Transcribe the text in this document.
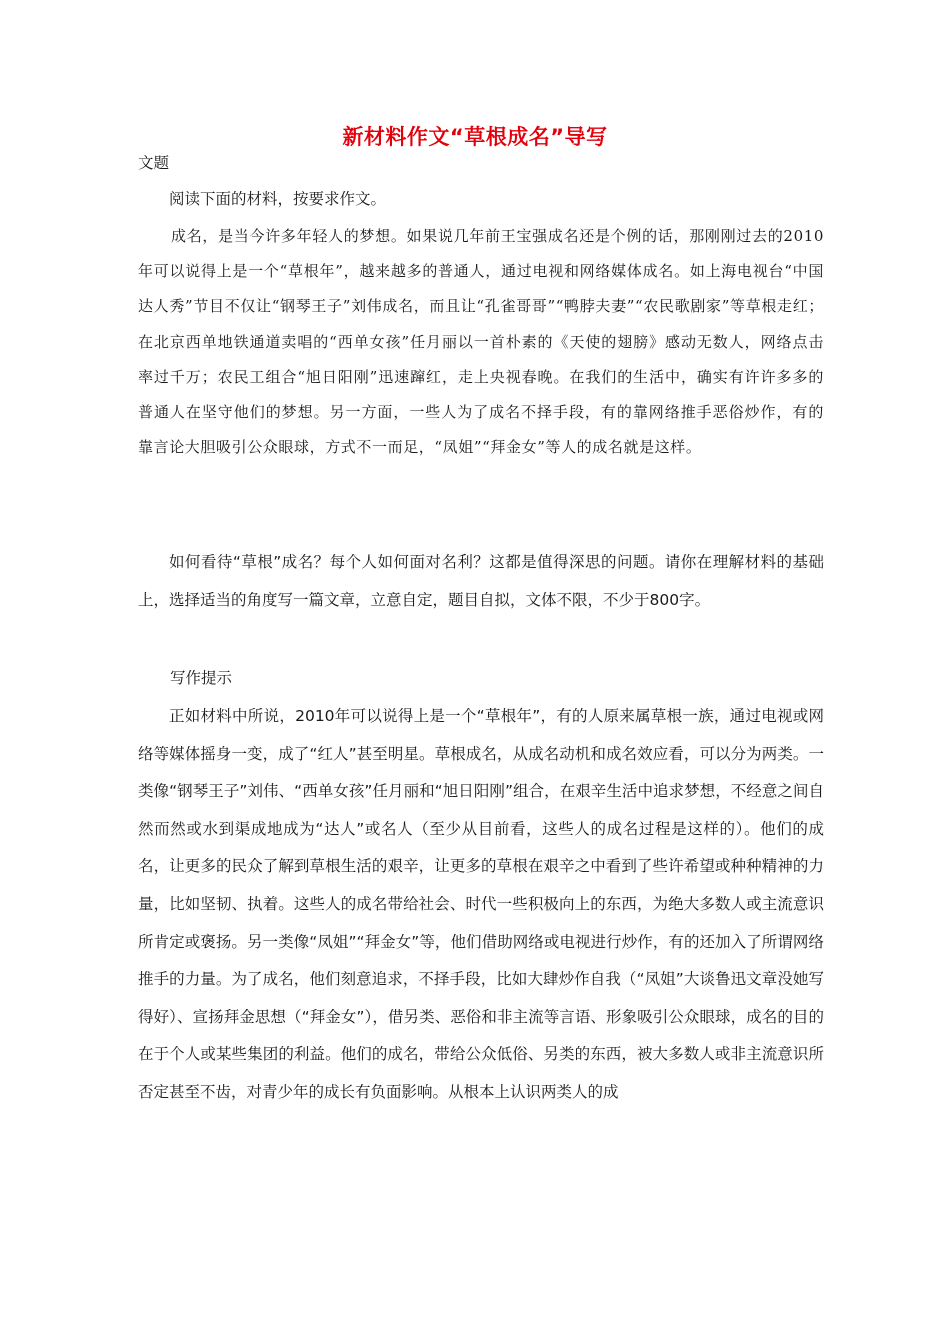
新材料作文“草根成名”导写
文题
阅读下面的材料，按要求作文。
成名，是当今许多年轻人的梦想。如果说几年前王宝强成名还是个例的话，那刚刚过去的2010年可以说得上是一个“草根年”，越来越多的普通人，通过电视和网络媒体成名。如上海电视台“中国达人秀”节目不仅让“钢琴王子”刘伟成名，而且让“孔雀哥哥”“鸭脖夫妻”“农民歌剧家”等草根走红；在北京西单地铁通道卖唱的“西单女孩”任月丽以一首朴素的《天使的翅膀》感动无数人，网络点击率过千万；农民工组合“旭日阳刚”迅速蹿红，走上央视春晚。在我们的生活中，确实有许许多多的普通人在坚守他们的梦想。另一方面，一些人为了成名不择手段，有的靠网络推手恶俗炒作，有的靠言论大胆吸引公众眼球，方式不一而足，“凤姐”“拜金女”等人的成名就是这样。
如何看待“草根”成名？每个人如何面对名利？这都是值得深思的问题。请你在理解材料的基础上，选择适当的角度写一篇文章，立意自定，题目自拟，文体不限，不少于800字。
写作提示
正如材料中所说，2010年可以说得上是一个“草根年”，有的人原来属草根一族，通过电视或网络等媒体摇身一变，成了“红人”甚至明星。草根成名，从成名动机和成名效应看，可以分为两类。一类像“钢琴王子”刘伟、“西单女孩”任月丽和“旭日阳刚”组合，在艰辛生活中追求梦想，不经意之间自然而然或水到渠成地成为“达人”或名人（至少从目前看，这些人的成名过程是这样的）。他们的成名，让更多的民众了解到草根生活的艰辛，让更多的草根在艰辛之中看到了些许希望或种种精神的力量，比如坚韧、执着。这些人的成名带给社会、时代一些积极向上的东西，为绝大多数人或主流意识所肯定或褒扬。另一类像“凤姐”“拜金女”等，他们借助网络或电视进行炒作，有的还加入了所谓网络推手的力量。为了成名，他们刻意追求，不择手段，比如大肆炒作自我（“凤姐”大谈鲁迅文章没她写得好）、宣扬拜金思想（“拜金女”），借另类、恶俗和非主流等言语、形象吸引公众眼球，成名的目的在于个人或某些集团的利益。他们的成名，带给公众低俗、另类的东西，被大多数人或非主流意识所否定甚至不齿，对青少年的成长有负面影响。从根本上认识两类人的成
